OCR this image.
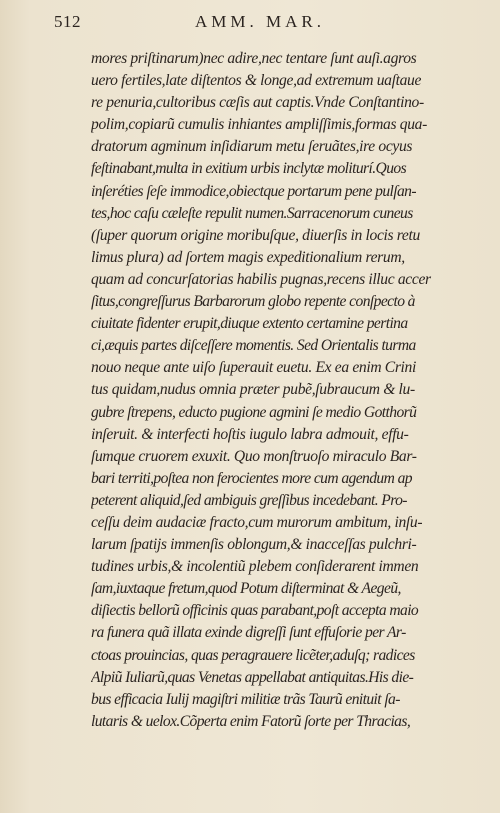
512	AMM. MAR.
mores priſtinarum)nec adire,nec tentare ſunt auſi.agros
uero fertiles,late diſtentos & longe,ad extremum uaſtaue
re penuria,cultoribus cæſis aut captis.Vnde Conſtantino-
polim,copiarũ cumulis inhiantes ampliſſimis,formas qua-
dratorum agminum inſidiarum metu ſeruãtes,ire ocyus
feſtinabant,multa in exitium urbis inclytæ moliturí.Quos
inſeréties ſeſe immodice,obiectque portarum pene pulſan-
tes,hoc caſu cæleſte repulit numen.Sarracenorum cuneus
(ſuper quorum origine moribuſque, diuerſis in locis retu
limus plura) ad ſortem magis expeditionalium rerum,
quam ad concurſatorias habilis pugnas,recens illuc accer
ſitus,congreſſurus Barbarorum globo repente conſpecto à
ciuitate fidenter erupit,diuque extento certamine pertina
ci,æquis partes diſceſſere momentis. Sed Orientalis turma
nouo neque ante uiſo ſuperauit euetu. Ex ea enim Crini
tus quidam,nudus omnia præter pubẽ,ſubraucum & lu-
gubre ſtrepens, educto pugione agmini ſe medio Gotthorũ
inſeruit. & interfecti hoſtis iugulo labra admouit, effu-
ſumque cruorem exuxit. Quo monſtruoſo miraculo Bar-
bari territi,poſtea non ferocientes more cum agendum ap
peterent aliquid,ſed ambiguis greſſibus incedebant. Pro-
ceſſu deim audaciæ fracto,cum murorum ambitum, inſu-
larum ſpatijs immenſis oblongum,& inacceſſas pulchri-
tudines urbis,& incolentiũ plebem conſiderarent immen
ſam,iuxtaque fretum,quod Potum diſterminat & Aegeũ,
diſiectis bellorũ officinis quas parabant,poſt accepta maio
ra funera quã illata exinde digreſſi ſunt effuſorie per Ar-
ctoas prouincias, quas peragrauere licẽter,aduſq; radices
Alpiũ Iuliarũ,quas Venetas appellabat antiquitas.His die-
bus efficacia Iulij magiſtri militiæ trãs Taurũ enituit ſa-
lutaris & uelox.Cõperta enim Fatorũ ſorte per Thracias,
